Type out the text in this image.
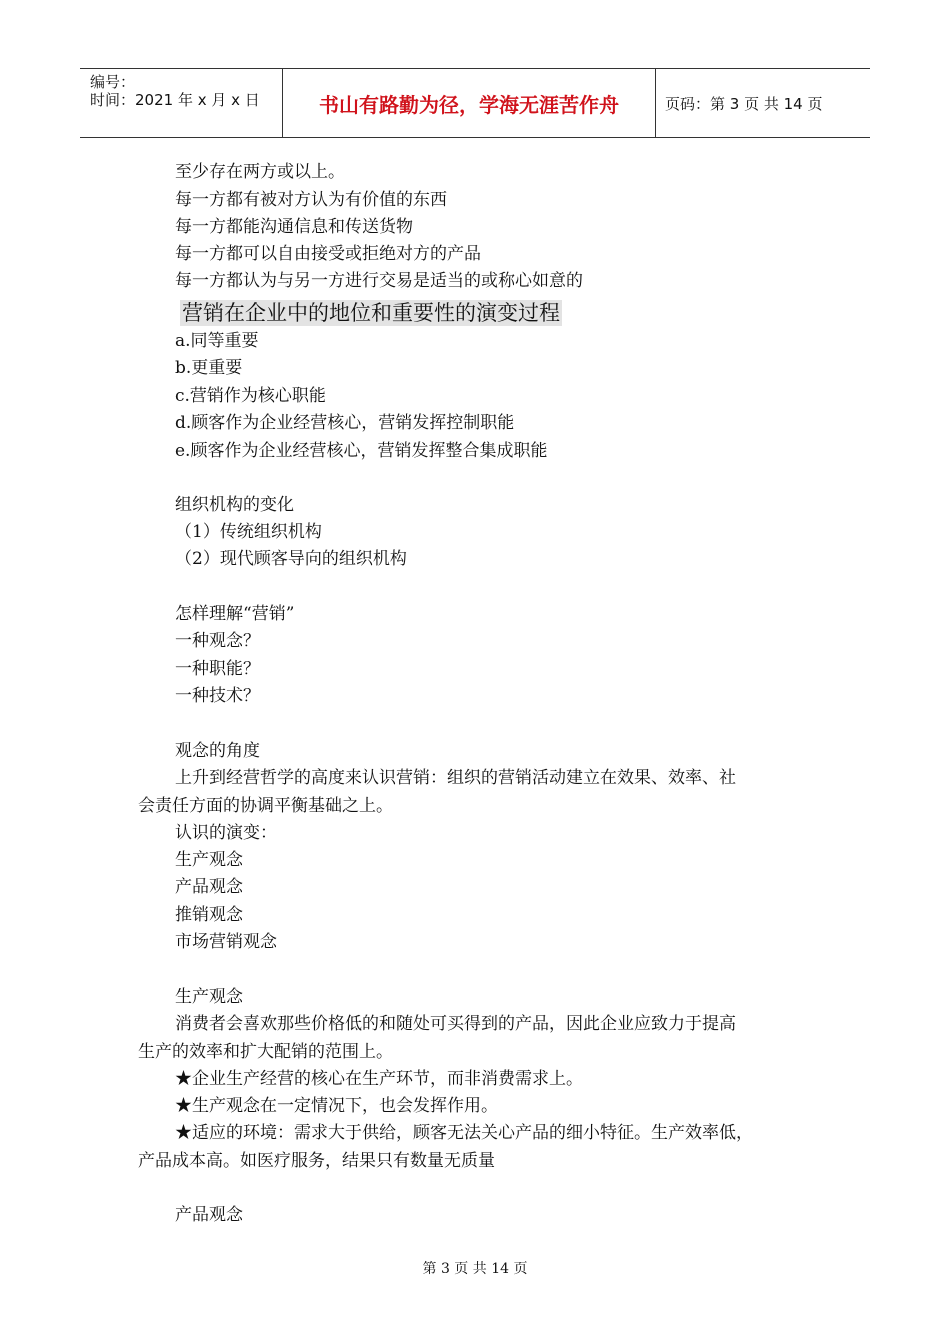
编号：
时间：2021 年 x 月 x 日	书山有路勤为径，学海无涯苦作舟	页码：第 3 页 共 14 页
至少存在两方或以上。
每一方都有被对方认为有价值的东西
每一方都能沟通信息和传送货物
每一方都可以自由接受或拒绝对方的产品
每一方都认为与另一方进行交易是适当的或称心如意的
营销在企业中的地位和重要性的演变过程
a.同等重要
b.更重要
c.营销作为核心职能
d.顾客作为企业经营核心，营销发挥控制职能
e.顾客作为企业经营核心，营销发挥整合集成职能
组织机构的变化
（1）传统组织机构
（2）现代顾客导向的组织机构
怎样理解“营销”
一种观念？
一种职能？
一种技术？
观念的角度
上升到经营哲学的高度来认识营销：组织的营销活动建立在效果、效率、社
会责任方面的协调平衡基础之上。
认识的演变：
生产观念
产品观念
推销观念
市场营销观念
生产观念
消费者会喜欢那些价格低的和随处可买得到的产品，因此企业应致力于提高
生产的效率和扩大配销的范围上。
★企业生产经营的核心在生产环节，而非消费需求上。
★生产观念在一定情况下，也会发挥作用。
★适应的环境：需求大于供给，顾客无法关心产品的细小特征。生产效率低，
产品成本高。如医疗服务，结果只有数量无质量
产品观念
第 3 页 共 14 页
